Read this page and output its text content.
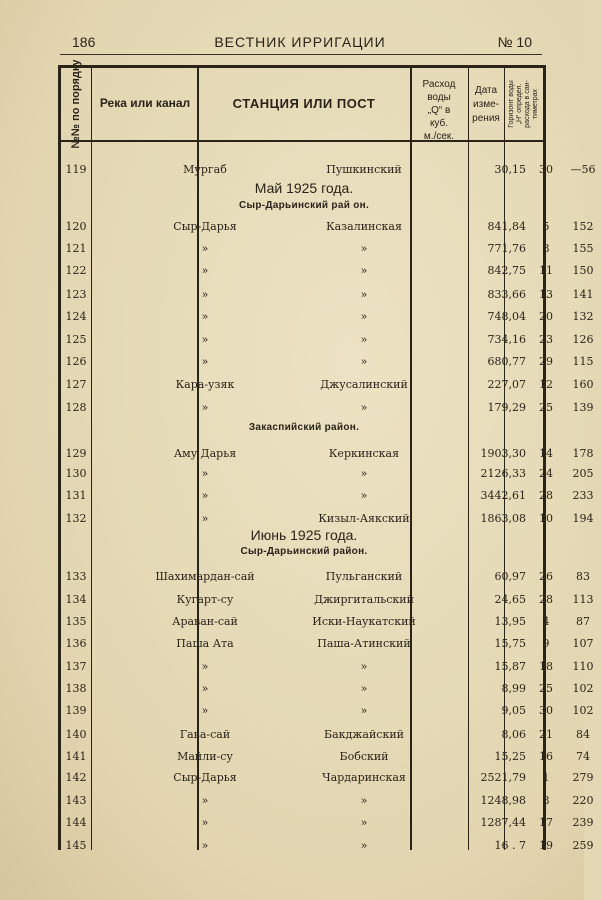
186	ВЕСТНИК ИРРИГАЦИИ	№ 10
№№ по порядку	Река или канал	СТАНЦИЯ ИЛИ ПОСТ
Расход
воды
„Q“ в
куб.
м./сек.
Дата
изме-
рения	Горизонт воды „Н“ определ. расхода в сан- тиметрах
Май 1925 года.
Сыр-Дарьинский рай он.
Закаспийский район.
Июнь 1925 года.
Сыр-Дарьинский район.
119	Мургаб	Пушкинский	30,15	30	—56
120	Сыр-Дарья	Казалинская	841,84	5	152
121	»	»	771,76	8	155
122	»	»	842,75	11	150
123	»	»	833,66	13	141
124	»	»	748,04	20	132
125	»	»	734,16	23	126
126	»	»	680,77	29	115
127	Кара-узяк	Джусалинский	227,07	12	160
128	»	»	179,29	25	139
129	Аму Дарья	Керкинская	1903,30	14	178
130	»	»	2126,33	24	205
131	»	»	3442,61	28	233
132	»	Кизыл-Аякский	1863,08	10	194
133	Шахимардан-сай	Пульганский	60,97	26	83
134	Кугарт-су	Джиргитальский	24,65	28	113
135	Араван-сай	Иски-Наукатский	13,95	4	87
136	Паша Ата	Паша-Атинский	15,75	9	107
137	»	»	15,87	18	110
138	»	»	8,99	25	102
139	»	»	9,05	30	102
140	Гава-сай	Бакджайский	8,06	21	84
141	Майли-су	Бобский	15,25	16	74
142	Сыр-Дарья	Чардаринская	2521,79	1	279
143	»	»	1248,98	8	220
144	»	»	1287,44	17	239
145	»	»	16 . 7	19	259
